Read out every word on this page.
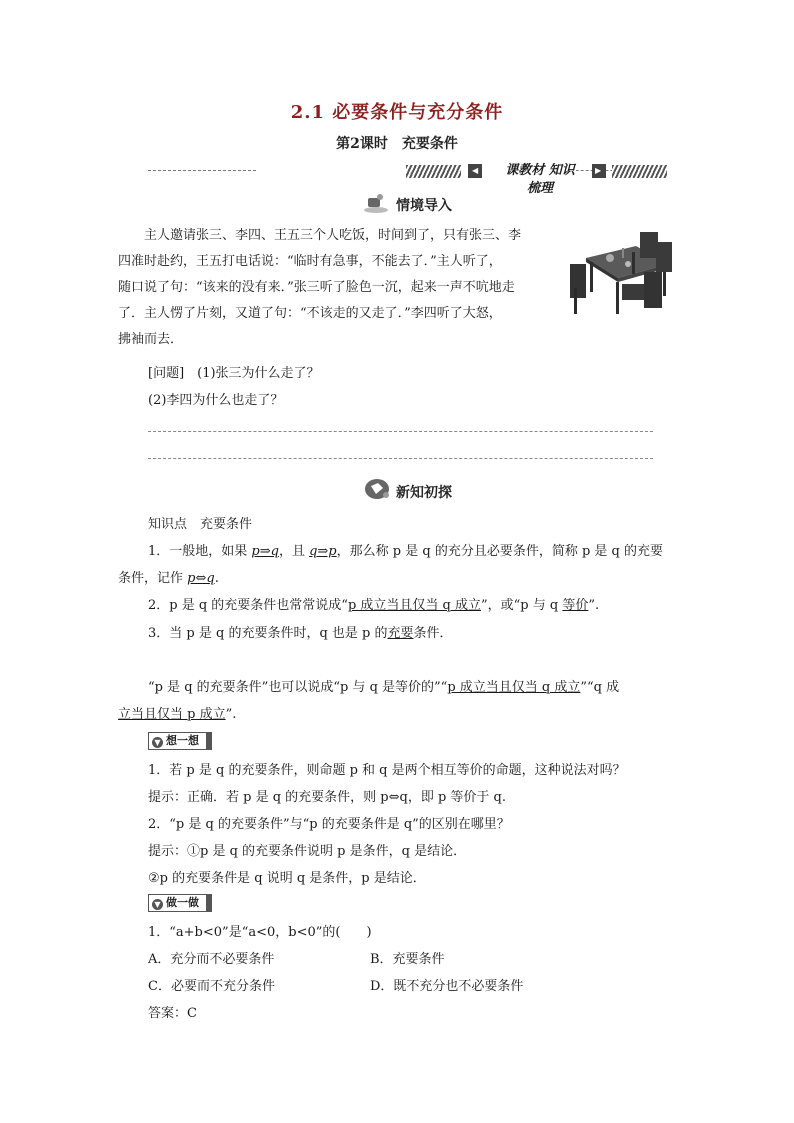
2.1 必要条件与充分条件
第2课时　充要条件
◀ 课教材 知识梳理
▶
情境导入
主人邀请张三、李四、王五三个人吃饭，时间到了，只有张三、李
四准时赴约，王五打电话说：“临时有急事，不能去了．”主人听了，
随口说了句：“该来的没有来．”张三听了脸色一沉，起来一声不吭地走
了．主人愣了片刻，又道了句：“不该走的又走了．”李四听了大怒，
拂袖而去．
[问题]　(1)张三为什么走了？
(2)李四为什么也走了？
新知初探
知识点　充要条件
1．一般地，如果 p⇒q，且 q⇒p，那么称 p 是 q 的充分且必要条件，简称 p 是 q 的充要
条件，记作 p⇔q.
2．p 是 q 的充要条件也常常说成“p 成立当且仅当 q 成立”，或“p 与 q 等价”.
3．当 p 是 q 的充要条件时，q 也是 p 的充要条件．
“p 是 q 的充要条件”也可以说成“p 与 q 是等价的”“p 成立当且仅当 q 成立”“q 成
立当且仅当 p 成立”.
▼ 想一想
1．若 p 是 q 的充要条件，则命题 p 和 q 是两个相互等价的命题，这种说法对吗？
提示：正确．若 p 是 q 的充要条件，则 p⇔q，即 p 等价于 q.
2．“p 是 q 的充要条件”与“p 的充要条件是 q”的区别在哪里？
提示：①p 是 q 的充要条件说明 p 是条件，q 是结论．
②p 的充要条件是 q 说明 q 是条件，p 是结论．
▼ 做一做
1．“a+b<0”是“a<0，b<0”的(　　)
A．充分而不必要条件	B．充要条件
C．必要而不充分条件	D．既不充分也不必要条件
答案：C
